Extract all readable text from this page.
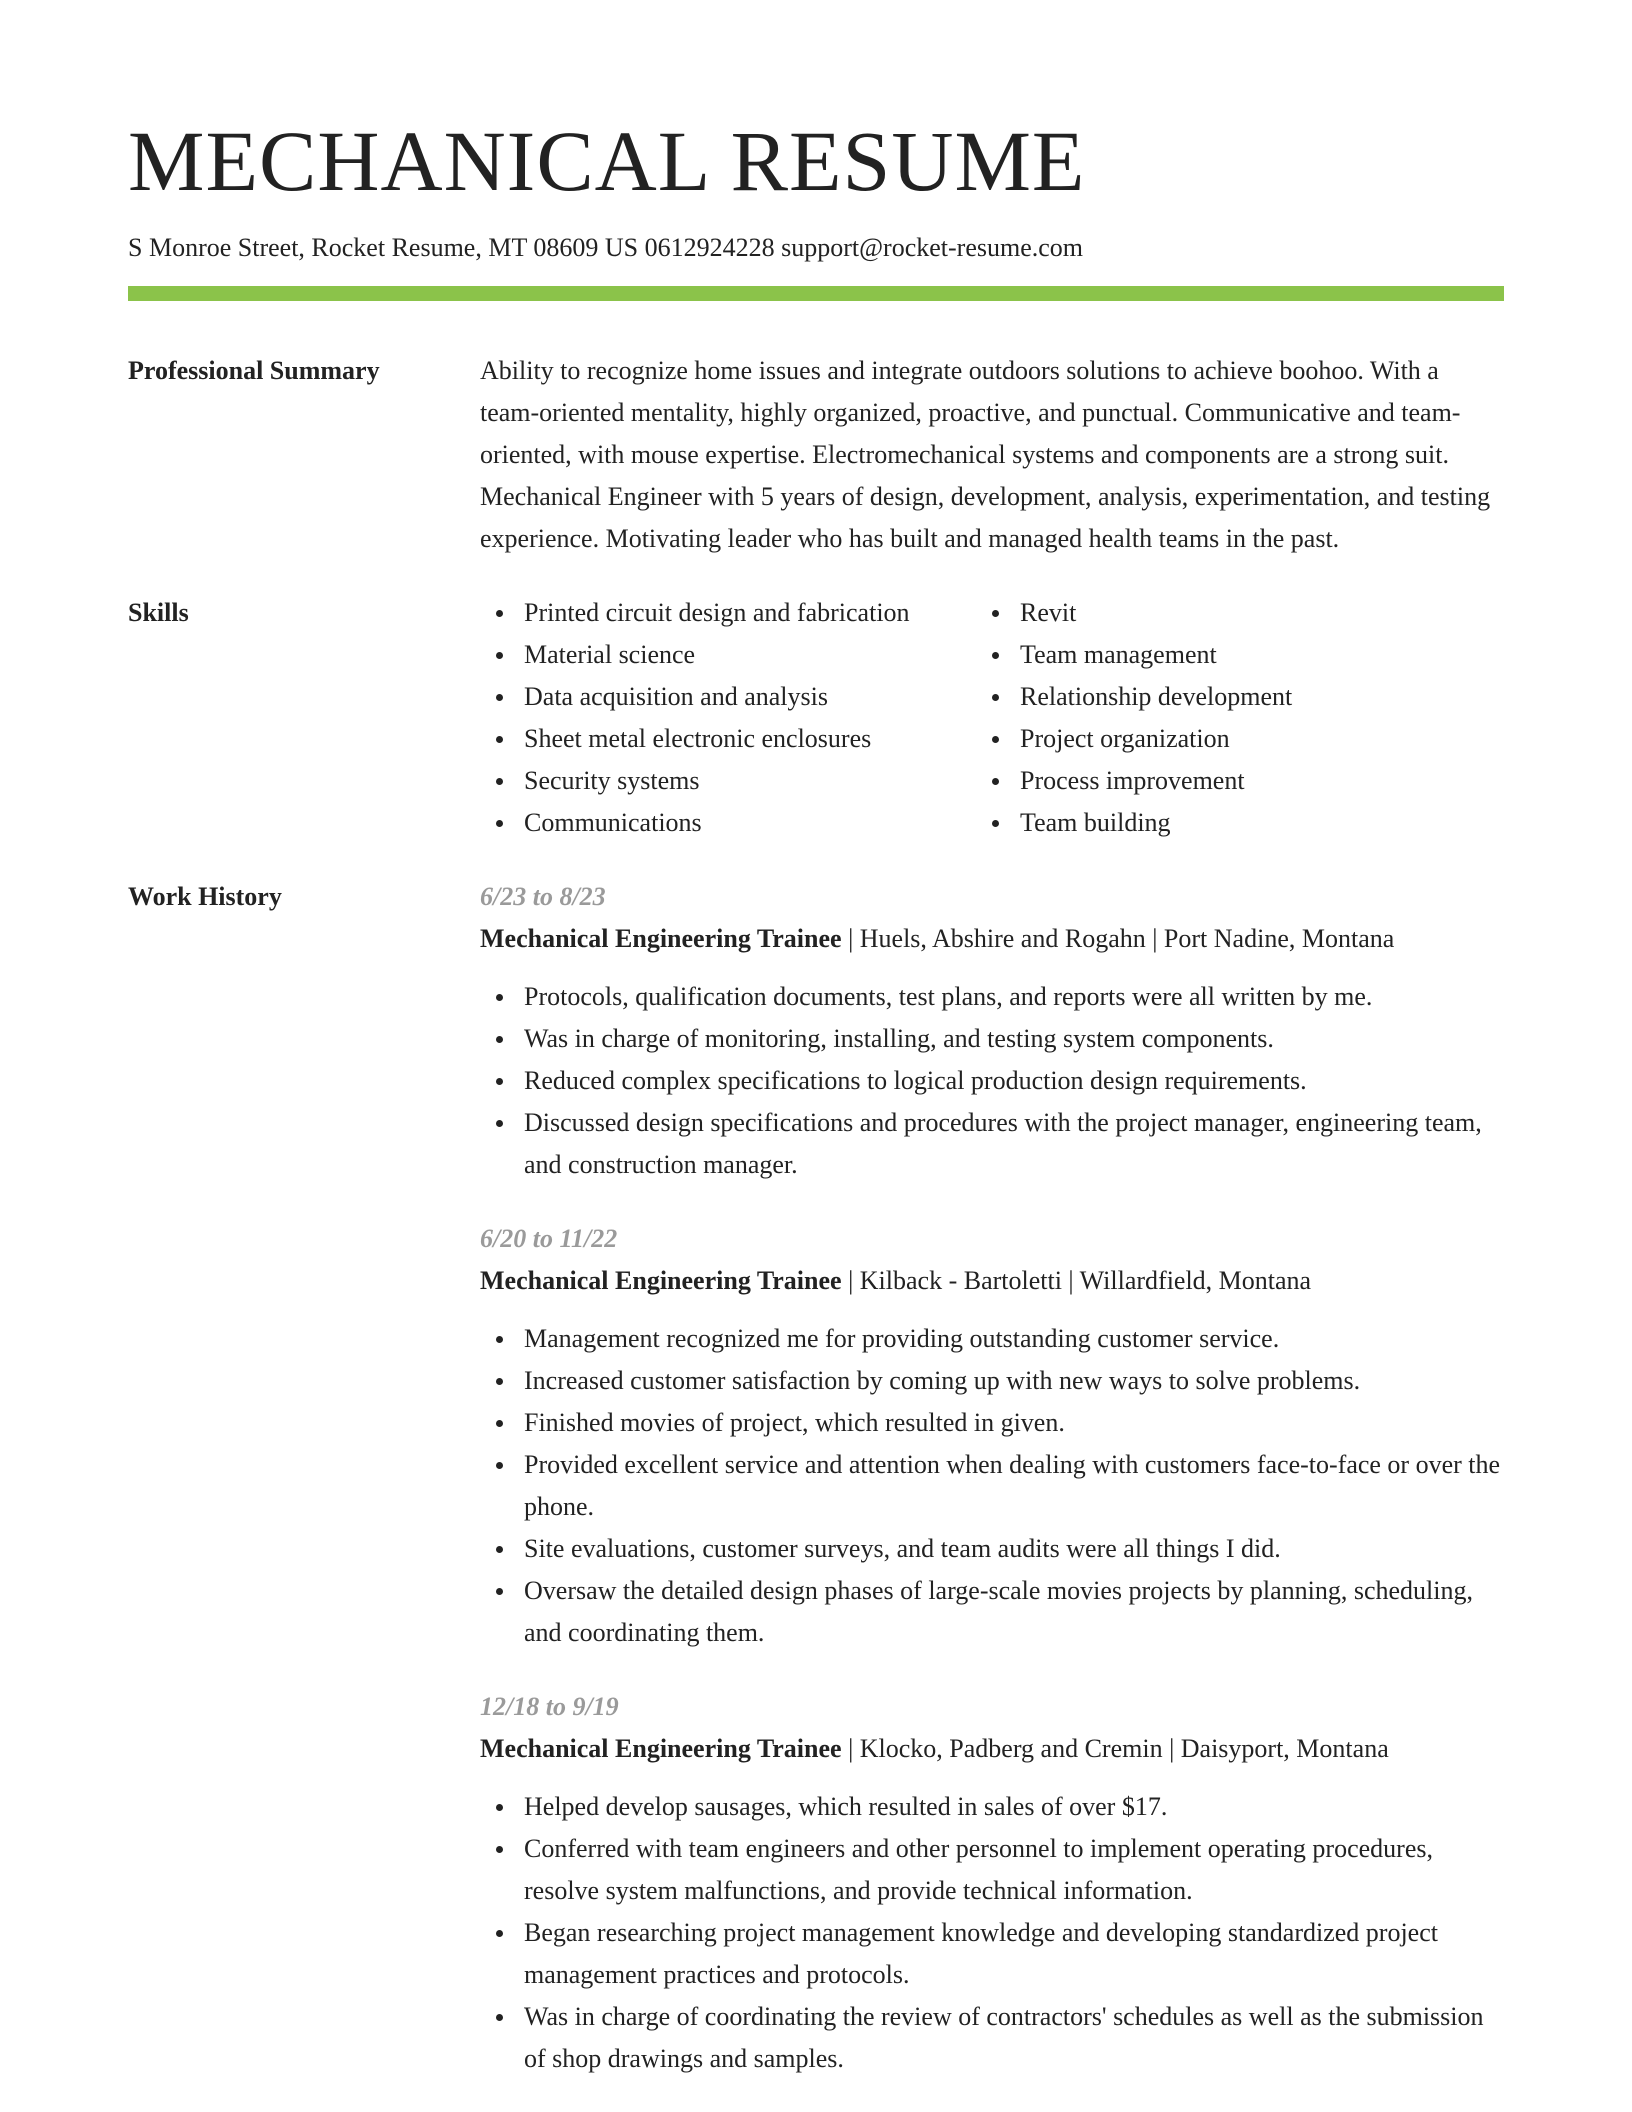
MECHANICAL RESUME
S Monroe Street, Rocket Resume, MT 08609 US 0612924228 support@rocket-resume.com
Professional Summary	Ability to recognize home issues and integrate outdoors solutions to achieve boohoo. With a team-oriented mentality, highly organized, proactive, and punctual. Communicative and team-oriented, with mouse expertise. Electromechanical systems and components are a strong suit. Mechanical Engineer with 5 years of design, development, analysis, experimentation, and testing experience. Motivating leader who has built and managed health teams in the past.

Skills	Printed circuit design and fabrication
Material science
Data acquisition and analysis
Sheet metal electronic enclosures
Security systems
Communications
Revit
Team management
Relationship development
Project organization
Process improvement
Team building
Work History	6/23 to 8/23
Mechanical Engineering Trainee | Huels, Abshire and Rogahn | Port Nadine, Montana
Protocols, qualification documents, test plans, and reports were all written by me.
Was in charge of monitoring, installing, and testing system components.
Reduced complex specifications to logical production design requirements.
Discussed design specifications and procedures with the project manager, engineering team, and construction manager.
6/20 to 11/22
Mechanical Engineering Trainee | Kilback - Bartoletti | Willardfield, Montana
Management recognized me for providing outstanding customer service.
Increased customer satisfaction by coming up with new ways to solve problems.
Finished movies of project, which resulted in given.
Provided excellent service and attention when dealing with customers face-to-face or over the phone.
Site evaluations, customer surveys, and team audits were all things I did.
Oversaw the detailed design phases of large-scale movies projects by planning, scheduling, and coordinating them.
12/18 to 9/19
Mechanical Engineering Trainee | Klocko, Padberg and Cremin | Daisyport, Montana
Helped develop sausages, which resulted in sales of over $17.
Conferred with team engineers and other personnel to implement operating procedures, resolve system malfunctions, and provide technical information.
Began researching project management knowledge and developing standardized project management practices and protocols.
Was in charge of coordinating the review of contractors' schedules as well as the submission of shop drawings and samples.
